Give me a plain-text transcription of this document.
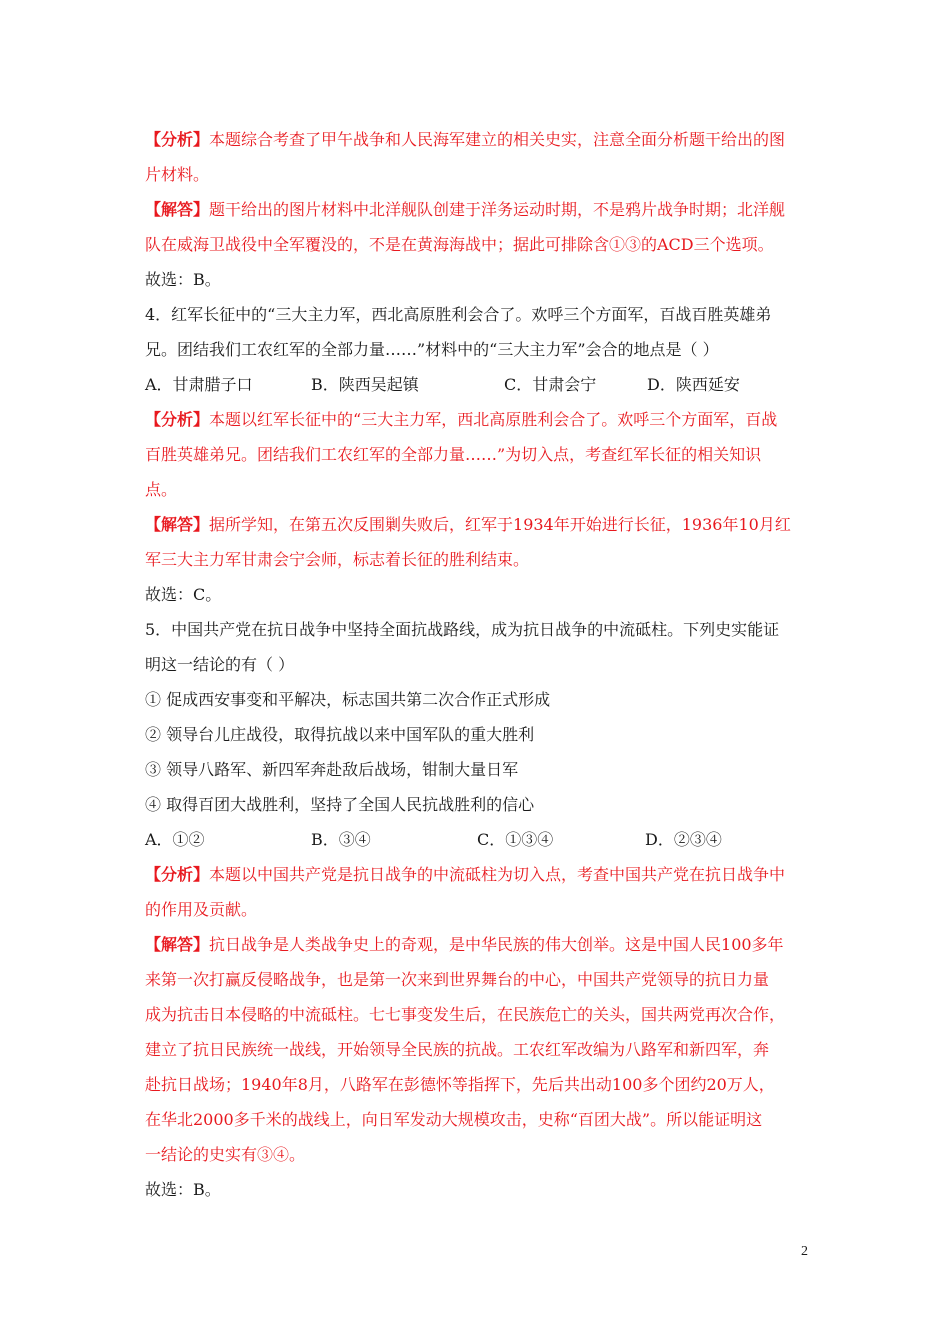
【分析】本题综合考查了甲午战争和人民海军建立的相关史实，注意全面分析题干给出的图
片材料。
【解答】题干给出的图片材料中北洋舰队创建于洋务运动时期，不是鸦片战争时期；北洋舰
队在威海卫战役中全军覆没的，不是在黄海海战中；据此可排除含①③的ACD三个选项。
故选：B。
4．红军长征中的“三大主力军，西北高原胜利会合了。欢呼三个方面军，百战百胜英雄弟
兄。团结我们工农红军的全部力量……”材料中的“三大主力军”会合的地点是（ ）
A．甘肃腊子口	B．陕西吴起镇	C．甘肃会宁	D．陕西延安
【分析】本题以红军长征中的“三大主力军，西北高原胜利会合了。欢呼三个方面军，百战
百胜英雄弟兄。团结我们工农红军的全部力量……”为切入点，考查红军长征的相关知识
点。
【解答】据所学知，在第五次反围剿失败后，红军于1934年开始进行长征，1936年10月红
军三大主力军甘肃会宁会师，标志着长征的胜利结束。
故选：C。
5．中国共产党在抗日战争中坚持全面抗战路线，成为抗日战争的中流砥柱。下列史实能证
明这一结论的有（ ）
① 促成西安事变和平解决，标志国共第二次合作正式形成
② 领导台儿庄战役，取得抗战以来中国军队的重大胜利
③ 领导八路军、新四军奔赴敌后战场，钳制大量日军
④ 取得百团大战胜利，坚持了全国人民抗战胜利的信心
A．①②	B．③④	C．①③④	D．②③④
【分析】本题以中国共产党是抗日战争的中流砥柱为切入点，考查中国共产党在抗日战争中
的作用及贡献。
【解答】抗日战争是人类战争史上的奇观，是中华民族的伟大创举。这是中国人民100多年
来第一次打赢反侵略战争，也是第一次来到世界舞台的中心，中国共产党领导的抗日力量
成为抗击日本侵略的中流砥柱。七七事变发生后，在民族危亡的关头，国共两党再次合作，
建立了抗日民族统一战线，开始领导全民族的抗战。工农红军改编为八路军和新四军，奔
赴抗日战场；1940年8月，八路军在彭德怀等指挥下，先后共出动100多个团约20万人，
在华北2000多千米的战线上，向日军发动大规模攻击，史称“百团大战”。所以能证明这
一结论的史实有③④。
故选：B。
2
